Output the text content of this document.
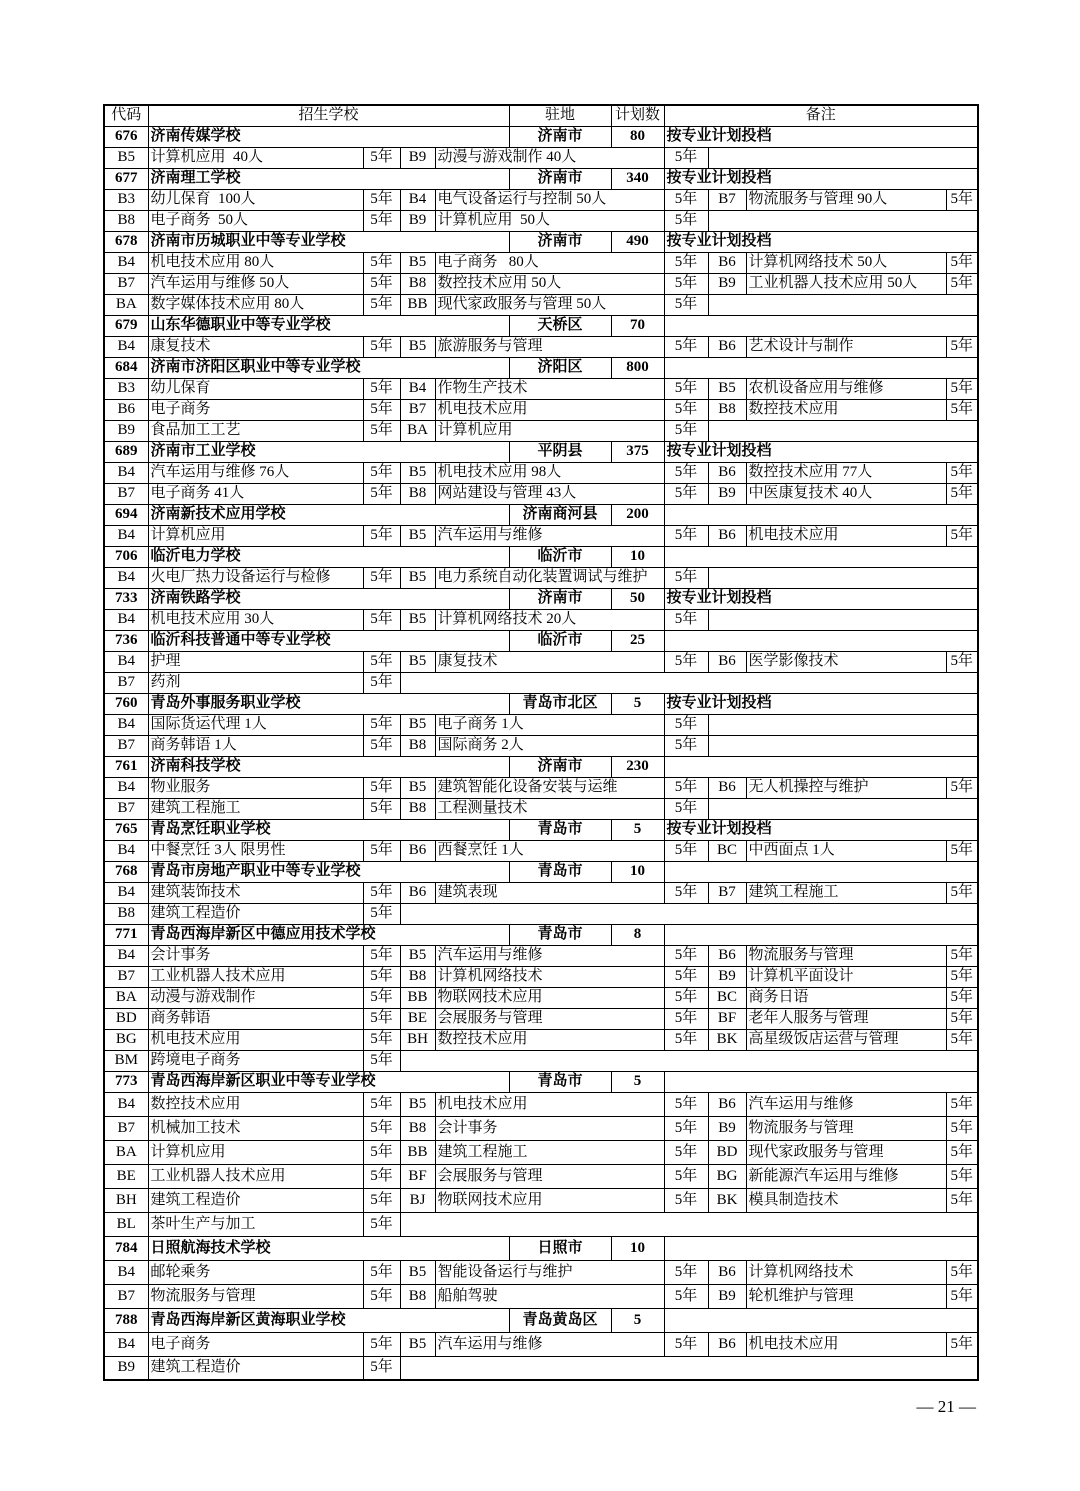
代码	招生学校				驻地	计划数	备注			
676	济南传媒学校				济南市	80	按专业计划投档			
B5	计算机应用  40人	5年	B9	动漫与游戏制作 40人			5年			
677	济南理工学校				济南市	340	按专业计划投档			
B3	幼儿保育  100人	5年	B4	电气设备运行与控制 50人			5年	B7	物流服务与管理 90人	5年
B8	电子商务  50人	5年	B9	计算机应用  50人			5年			
678	济南市历城职业中等专业学校				济南市	490	按专业计划投档			
B4	机电技术应用 80人	5年	B5	电子商务   80人			5年	B6	计算机网络技术 50人	5年
B7	汽车运用与维修 50人	5年	B8	数控技术应用 50人			5年	B9	工业机器人技术应用 50人	5年
BA	数字媒体技术应用 80人	5年	BB	现代家政服务与管理 50人			5年			
679	山东华德职业中等专业学校				天桥区	70				
B4	康复技术	5年	B5	旅游服务与管理			5年	B6	艺术设计与制作	5年
684	济南市济阳区职业中等专业学校				济阳区	800				
B3	幼儿保育	5年	B4	作物生产技术			5年	B5	农机设备应用与维修	5年
B6	电子商务	5年	B7	机电技术应用			5年	B8	数控技术应用	5年
B9	食品加工工艺	5年	BA	计算机应用			5年			
689	济南市工业学校				平阴县	375	按专业计划投档			
B4	汽车运用与维修 76人	5年	B5	机电技术应用 98人			5年	B6	数控技术应用 77人	5年
B7	电子商务 41人	5年	B8	网站建设与管理 43人			5年	B9	中医康复技术 40人	5年
694	济南新技术应用学校				济南商河县	200				
B4	计算机应用	5年	B5	汽车运用与维修			5年	B6	机电技术应用	5年
706	临沂电力学校				临沂市	10				
B4	火电厂热力设备运行与检修	5年	B5	电力系统自动化装置调试与维护			5年			
733	济南铁路学校				济南市	50	按专业计划投档			
B4	机电技术应用 30人	5年	B5	计算机网络技术 20人			5年			
736	临沂科技普通中等专业学校				临沂市	25				
B4	护理	5年	B5	康复技术			5年	B6	医学影像技术	5年
B7	药剂	5年								
760	青岛外事服务职业学校				青岛市北区	5	按专业计划投档			
B4	国际货运代理 1人	5年	B5	电子商务 1人			5年			
B7	商务韩语 1人	5年	B8	国际商务 2人			5年			
761	济南科技学校				济南市	230				
B4	物业服务	5年	B5	建筑智能化设备安装与运维			5年	B6	无人机操控与维护	5年
B7	建筑工程施工	5年	B8	工程测量技术			5年			
765	青岛烹饪职业学校				青岛市	5	按专业计划投档			
B4	中餐烹饪 3人 限男性	5年	B6	西餐烹饪 1人			5年	BC	中西面点 1人	5年
768	青岛市房地产职业中等专业学校				青岛市	10				
B4	建筑装饰技术	5年	B6	建筑表现			5年	B7	建筑工程施工	5年
B8	建筑工程造价	5年								
771	青岛西海岸新区中德应用技术学校				青岛市	8				
B4	会计事务	5年	B5	汽车运用与维修			5年	B6	物流服务与管理	5年
B7	工业机器人技术应用	5年	B8	计算机网络技术			5年	B9	计算机平面设计	5年
BA	动漫与游戏制作	5年	BB	物联网技术应用			5年	BC	商务日语	5年
BD	商务韩语	5年	BE	会展服务与管理			5年	BF	老年人服务与管理	5年
BG	机电技术应用	5年	BH	数控技术应用			5年	BK	高星级饭店运营与管理	5年
BM	跨境电子商务	5年								
773	青岛西海岸新区职业中等专业学校				青岛市	5				
B4	数控技术应用	5年	B5	机电技术应用			5年	B6	汽车运用与维修	5年
B7	机械加工技术	5年	B8	会计事务			5年	B9	物流服务与管理	5年
BA	计算机应用	5年	BB	建筑工程施工			5年	BD	现代家政服务与管理	5年
BE	工业机器人技术应用	5年	BF	会展服务与管理			5年	BG	新能源汽车运用与维修	5年
BH	建筑工程造价	5年	BJ	物联网技术应用			5年	BK	模具制造技术	5年
BL	茶叶生产与加工	5年								
784	日照航海技术学校				日照市	10				
B4	邮轮乘务	5年	B5	智能设备运行与维护			5年	B6	计算机网络技术	5年
B7	物流服务与管理	5年	B8	船舶驾驶			5年	B9	轮机维护与管理	5年
788	青岛西海岸新区黄海职业学校				青岛黄岛区	5				
B4	电子商务	5年	B5	汽车运用与维修			5年	B6	机电技术应用	5年
B9	建筑工程造价	5年								
— 21 —
